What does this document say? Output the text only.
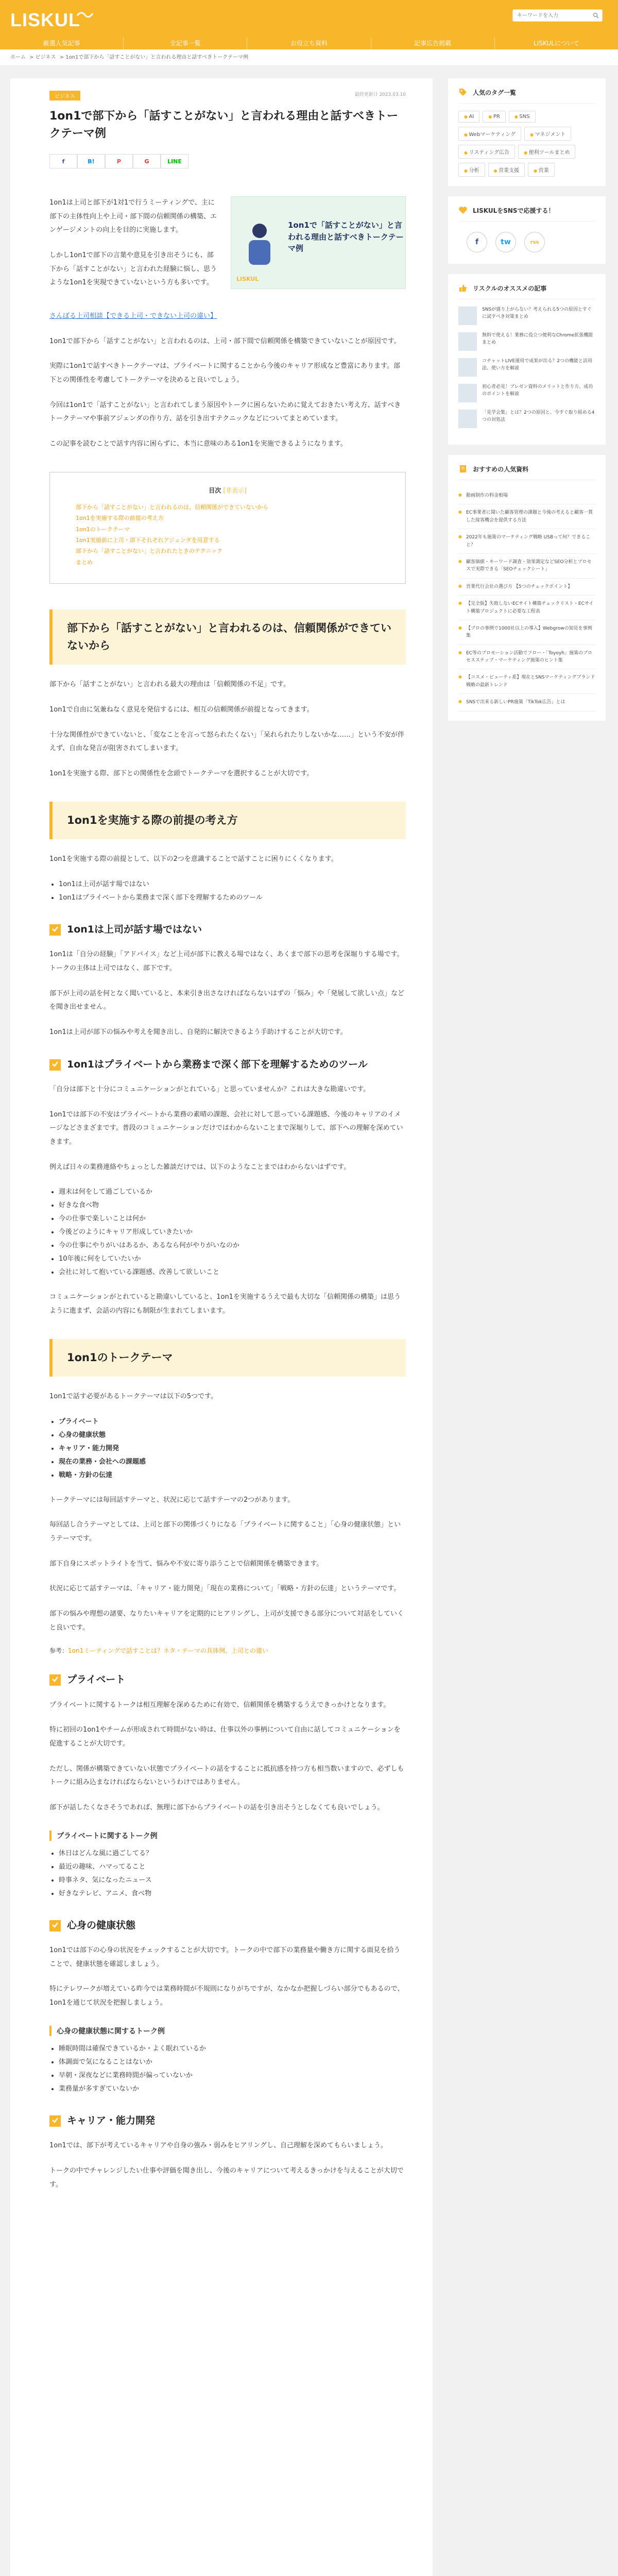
LISKUL
キーワードを入力
厳選人気記事	全記事一覧	お役立ち資料	記事広告掲載	LISKULについて
ホーム > ビジネス > 1on1で部下から「話すことがない」と言われる理由と話すべきトークテーマ例
ビジネス	最終更新日 2023.03.10
1on1で部下から「話すことがない」と言われる理由と話すべきトークテーマ例
f	B!	P	G	LINE

1on1は上司と部下が1対1で行うミーティングで、主に部下の主体性向上や上司・部下間の信頼関係の構築、エンゲージメントの向上を目的に実施します。

しかし1on1で部下の言葉や意見を引き出そうにも、部下から「話すことがない」と言われた経験に悩し、思うような1on1を実現できていないという方も多いです。

1on1で「話すことがない」と言われる理由と話すべきトークテーマ例
LISKUL

さんぽる上司相談【できる上司・できない上司の違い】

1on1で部下から「話すことがない」と言われるのは、上司・部下間で信頼関係を構築できていないことが原因です。

実際に1on1で話すべきトークテーマは、プライベートに関することから今後のキャリア形成など豊富にあります。部下との関係性を考慮してトークテーマを決めると良いでしょう。

今回は1on1で「話すことがない」と言われてしまう原因やトークに困らないために覚えておきたい考え方、話すべきトークテーマや事前アジェンダの作り方、話を引き出すテクニックなどについてまとめています。

この記事を読むことで話す内容に困らずに、本当に意味のある1on1を実施できるようになります。

目次 [非表示]
部下から「話すことがない」と言われるのは、信頼関係ができていないから
1on1を実施する際の前提の考え方
1on1のトークテーマ
1on1実施前に上司・部下それぞれアジェンダを用意する
部下から「話すことがない」と言われたときのテクニック
まとめ
部下から「話すことがない」と言われるのは、信頼関係ができていないから

部下から「話すことがない」と言われる最大の理由は「信頼関係の不足」です。

1on1で自由に気兼ねなく意見を発信するには、相互の信頼関係が前提となってきます。

十分な関係性ができていないと、「変なことを言って怒られたくない」「呆れられたりしないかな……」という不安が伴えず、自由な発言が阻害されてしまいます。

1on1を実施する際、部下との関係性を念頭でトークテーマを選択することが大切です。

1on1を実施する際の前提の考え方

1on1を実施する際の前提として、以下の2つを意識することで話すことに困りにくくなります。

• 1on1は上司が話す場ではない
• 1on1はプライベートから業務まで深く部下を理解するためのツール
1on1は上司が話す場ではない

1on1は「自分の経験」「アドバイス」など上司が部下に教える場ではなく、あくまで部下の思考を深堀りする場です。トークの主体は上司ではなく、部下です。

部下が上司の話を何となく聞いていると、本来引き出さなければならないはずの「悩み」や「発展して欲しい点」などを聞き出せません。

1on1は上司が部下の悩みや考えを聞き出し、自発的に解決できるよう手助けすることが大切です。

1on1はプライベートから業務まで深く部下を理解するためのツール

「自分は部下と十分にコミュニケーションがとれている」と思っていませんか？これは大きな勘違いです。

1on1では部下の不安はプライベートから業務の素晴の課題、会社に対して思っている課題感、今後のキャリアのイメージなどさまざまです。普段のコミュニケーションだけではわからないことまで深堀りして、部下への理解を深めていきます。

例えば日々の業務連絡やちょっとした雑談だけでは、以下のようなことまではわからないはずです。

• 週末は何をして過ごしているか
• 好きな食べ物
• 今の仕事で楽しいことは何か
• 今後どのようにキャリア形成していきたいか
• 今の仕事にやりがいはあるか、あるなら何がやりがいなのか
• 10年後に何をしていたいか
• 会社に対して抱いている課題感、改善して欲しいこと

コミュニケーションがとれていると勘違いしていると、1on1を実施するうえで最も大切な「信頼関係の構築」は思うように進まず、会話の内容にも制限が生まれてしまいます。

1on1のトークテーマ

1on1で話す必要があるトークテーマは以下の5つです。

• プライベート
• 心身の健康状態
• キャリア・能力開発
• 現在の業務・会社への課題感
• 戦略・方針の伝達

トークテーマには毎回話すテーマと、状況に応じて話すテーマの2つがあります。

毎回話し合うテーマとしては、上司と部下の関係づくりになる「プライベートに関すること」「心身の健康状態」というテーマです。

部下自身にスポットライトを当て、悩みや不安に寄り添うことで信頼関係を構築できます。

状況に応じて話すテーマは、「キャリア・能力開発」「現在の業務について」「戦略・方針の伝達」というテーマです。

部下の悩みや理想の諸要、なりたいキャリアを定期的にヒアリングし、上司が支援できる部分について対話をしていくと良いです。

参考：1on1ミーティングで話すことは？ネタ・テーマの具体例、上司との違い

プライベート

プライベートに関するトークは相互理解を深めるために有効で、信頼関係を構築するうえできっかけとなります。

特に初回の1on1やチームが形成されて時間がない時は、仕事以外の事柄について自由に話してコミュニケーションを促進することが大切です。

ただし、関係が構築できていない状態でプライベートの話をすることに抵抗感を持つ方も相当数いますので、必ずしもトークに組み込まなければならないというわけではありません。

部下が話したくなさそうであれば、無理に部下からプライベートの話を引き出そうとしなくても良いでしょう。

プライベートに関するトーク例
• 休日はどんな風に過ごしてる？
• 最近の趣味、ハマってること
• 時事ネタ、気になったニュース
• 好きなテレビ、アニメ、食べ物
心身の健康状態

1on1では部下の心身の状況をチェックすることが大切です。トークの中で部下の業務量や働き方に関する面見を拾うことで、健康状態を確認しましょう。

特にテレワークが増えている昨今では業務時間が不規則になりがちですが、なかなか把握しづらい部分でもあるので、1on1を通じて状況を把握しましょう。

心身の健康状態に関するトーク例
• 睡眠時間は確保できているか・よく眠れているか
• 体調面で気になることはないか
• 早朝・深夜などに業務時間が偏っていないか
• 業務量が多すぎていないか
キャリア・能力開発

1on1では、部下が考えているキャリアや自身の強み・弱みをヒアリングし、自己理解を深めてもらいましょう。

トークの中でチャレンジしたい仕事や評価を聞き出し、今後のキャリアについて考えるきっかけを与えることが大切です。

人気のタグ一覧
● AI	● PR	● SNS
● Webマーケティング	● マネジメント
● リスティング広告	● 便利ツールまとめ
● 分析	● 営業支援	● 営業
LISKULをSNSで応援する！
f	tw	rss
リスクルのオススメの記事
SNSが盛り上がらない？考えられる5つの原因とすぐに試すべき対策まとめ
無料で使える！業務に役立つ便利なChrome拡張機能まとめ
コチャットLIVE運用で成果が出る？2つの機能と活用法、使い方を解説
初心者必見！プレゼン資料のメリットと作り方、成功のポイントを解説
「見学会集」とは？2つの原因と、今すぐ取り組める4つの対処法
おすすめの人気資料
● 動画制作の料金相場
● EC事業者に聞いた顧客管理の課題と今後の考えると顧客一貫した接客機会を提供する方法
● 2022年も施策のマーケティング戦略 USBって何？できること？
● 顧客価値・キーワード調査・効果測定などSEO分析とプロセスで実際できる「SEOチェックシート」
● 営業代行会社の選び方 【5つのチェックポイント】
● 【完全版】失敗しないECサイト構築チェックリスト・ECサイト構築プロジェクトに必要な工程表
● 【プロの事例で1000社以上の導入】Webgrowの知見を事例集
● EC等のプロモーション活動でフロー・「Toyoyh」施策のプロセスステップ・マーケティング施策のヒント集
● 【コスメ・ビューティ系】現在とSNSマーケティングブランド戦略の最新トレンド
● SNSで出来る新しいPR施策「TikTok広告」とは
